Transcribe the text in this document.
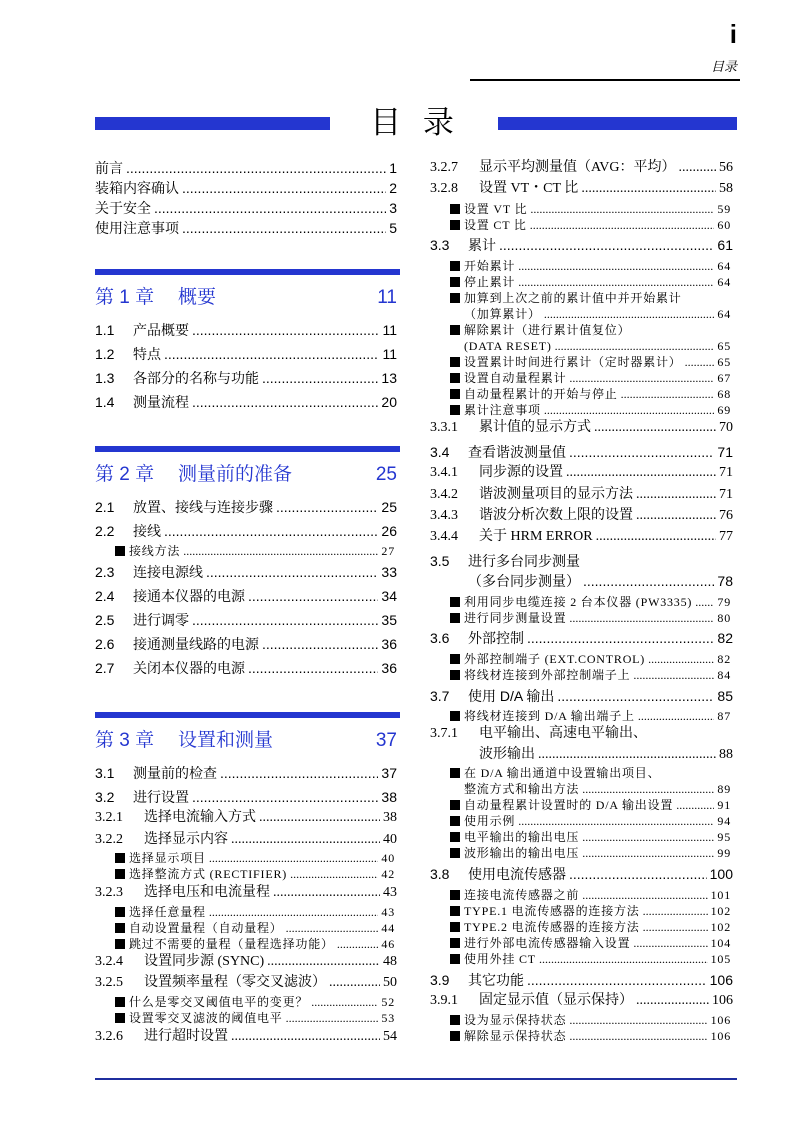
i
目录
目 录
第 1 章	概要	11
第 2 章	测量前的准备	25
第 3 章	设置和测量	37
前言 .....	1
装箱内容确认 .....	2
关于安全 .....	3
使用注意事项 .....	5
1.1	产品概要 .....	11
1.2	特点 .....	11
1.3	各部分的名称与功能 .....	13
1.4	测量流程 .....	20
2.1	放置、接线与连接步骤 .....	25
2.2	接线 .....	26
接线方法 .....	27
2.3	连接电源线 .....	33
2.4	接通本仪器的电源 .....	34
2.5	进行调零 .....	35
2.6	接通测量线路的电源 .....	36
2.7	关闭本仪器的电源 .....	36
3.1	测量前的检查 .....	37
3.2	进行设置 .....	38
3.2.1	选择电流输入方式 .....	38
3.2.2	选择显示内容 .....	40
选择显示项目 .....	40
选择整流方式 (RECTIFIER) .....	42
3.2.3	选择电压和电流量程 .....	43
选择任意量程 .....	43
自动设置量程（自动量程） .....	44
跳过不需要的量程（量程选择功能） .....	46
3.2.4	设置同步源 (SYNC) .....	48
3.2.5	设置频率量程（零交叉滤波） .....	50
什么是零交叉阈值电平的变更？ .....	52
设置零交叉滤波的阈值电平 .....	53
3.2.6	进行超时设置 .....	54
3.2.7	显示平均测量值（AVG：平均） .....	56
3.2.8	设置 VT・CT 比 .....	58
设置 VT 比 .....	59
设置 CT 比 .....	60
3.3	累计 .....	61
开始累计 .....	64
停止累计 .....	64
加算到上次之前的累计值中并开始累计
（加算累计） .....	64
解除累计（进行累计值复位）
(DATA RESET) .....	65
设置累计时间进行累计（定时器累计） .....	65
设置自动量程累计 .....	67
自动量程累计的开始与停止 .....	68
累计注意事项 .....	69
3.3.1	累计值的显示方式 .....	70
3.4	查看谐波测量值 .....	71
3.4.1	同步源的设置 .....	71
3.4.2	谐波测量项目的显示方法 .....	71
3.4.3	谐波分析次数上限的设置 .....	76
3.4.4	关于 HRM ERROR .....	77
3.5	进行多台同步测量
（多台同步测量） .....	78
利用同步电缆连接 2 台本仪器 (PW3335) ..... 79
进行同步测量设置 .....	80
3.6	外部控制 .....	82
外部控制端子 (EXT.CONTROL) .....	82
将线材连接到外部控制端子上 .....	84
3.7	使用 D/A 输出 .....	85
将线材连接到 D/A 输出端子上 .....	87
3.7.1	电平输出、高速电平输出、
波形输出 .....	88
在 D/A 输出通道中设置输出项目、
整流方式和输出方法 .....	89
自动量程累计设置时的 D/A 输出设置 .....	91
使用示例 .....	94
电平输出的输出电压 .....	95
波形输出的输出电压 .....	99
3.8	使用电流传感器 .....	100
连接电流传感器之前 .....	101
TYPE.1 电流传感器的连接方法 .....	102
TYPE.2 电流传感器的连接方法 .....	102
进行外部电流传感器输入设置 .....	104
使用外挂 CT .....	105
3.9	其它功能 .....	106
3.9.1	固定显示值（显示保持） .....	106
设为显示保持状态 .....	106
解除显示保持状态 .....	106
